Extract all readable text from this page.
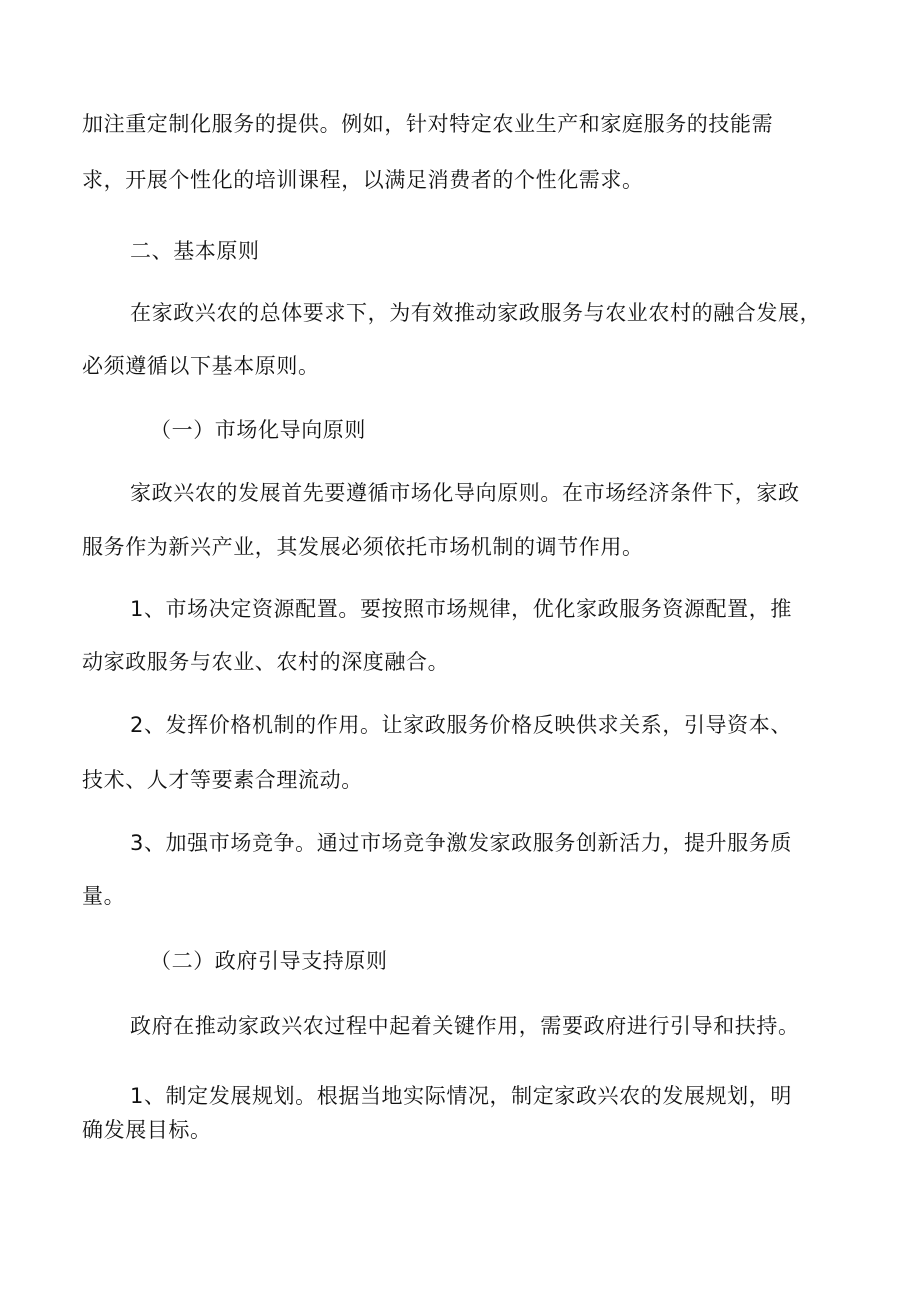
加注重定制化服务的提供。例如，针对特定农业生产和家庭服务的技能需
求，开展个性化的培训课程，以满足消费者的个性化需求。
二、基本原则
在家政兴农的总体要求下，为有效推动家政服务与农业农村的融合发展，
必须遵循以下基本原则。
（一）市场化导向原则
家政兴农的发展首先要遵循市场化导向原则。在市场经济条件下，家政
服务作为新兴产业，其发展必须依托市场机制的调节作用。
1、市场决定资源配置。要按照市场规律，优化家政服务资源配置，推
动家政服务与农业、农村的深度融合。
2、发挥价格机制的作用。让家政服务价格反映供求关系，引导资本、
技术、人才等要素合理流动。
3、加强市场竞争。通过市场竞争激发家政服务创新活力，提升服务质
量。
（二）政府引导支持原则
政府在推动家政兴农过程中起着关键作用，需要政府进行引导和扶持。
1、制定发展规划。根据当地实际情况，制定家政兴农的发展规划，明
确发展目标。
